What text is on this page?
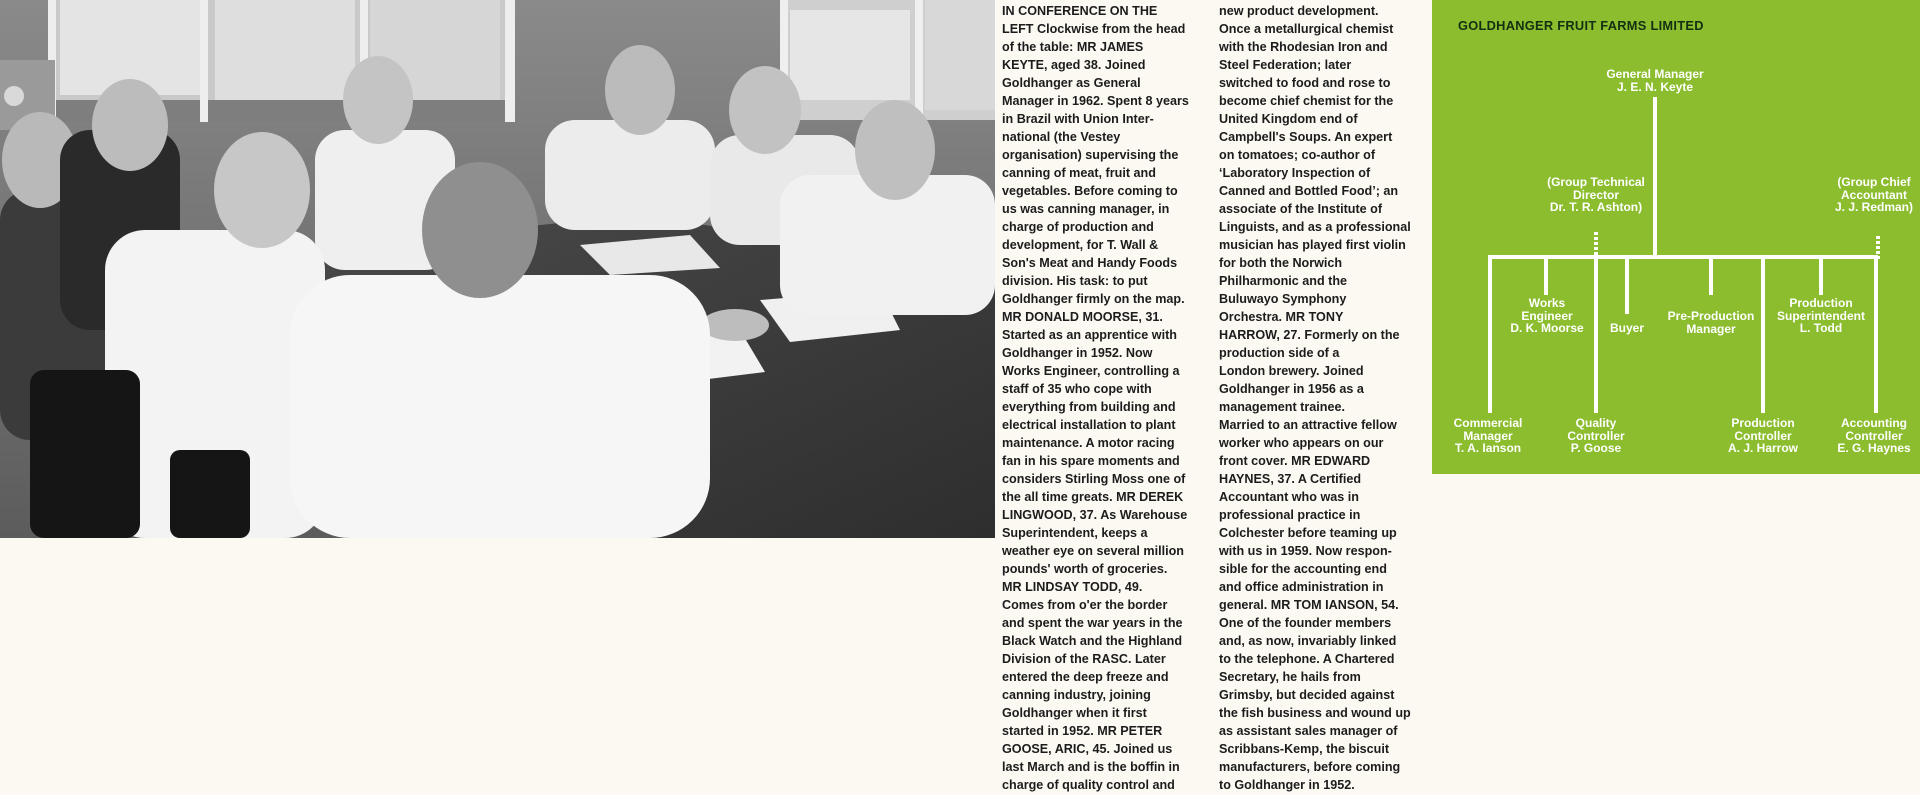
IN CONFERENCE ON THE
LEFT Clockwise from the head
of the table: MR JAMES
KEYTE, aged 38. Joined
Goldhanger as General
Manager in 1962. Spent 8 years
in Brazil with Union Inter-
national (the Vestey
organisation) supervising the
canning of meat, fruit and
vegetables. Before coming to
us was canning manager, in
charge of production and
development, for T. Wall &
Son's Meat and Handy Foods
division. His task: to put
Goldhanger firmly on the map.
MR DONALD MOORSE, 31.
Started as an apprentice with
Goldhanger in 1952. Now
Works Engineer, controlling a
staff of 35 who cope with
everything from building and
electrical installation to plant
maintenance. A motor racing
fan in his spare moments and
considers Stirling Moss one of
the all time greats. MR DEREK
LINGWOOD, 37. As Warehouse
Superintendent, keeps a
weather eye on several million
pounds' worth of groceries.
MR LINDSAY TODD, 49.
Comes from o'er the border
and spent the war years in the
Black Watch and the Highland
Division of the RASC. Later
entered the deep freeze and
canning industry, joining
Goldhanger when it first
started in 1952. MR PETER
GOOSE, ARIC, 45. Joined us
last March and is the boffin in
charge of quality control and
new product development.
Once a metallurgical chemist
with the Rhodesian Iron and
Steel Federation; later
switched to food and rose to
become chief chemist for the
United Kingdom end of
Campbell's Soups. An expert
on tomatoes; co-author of
‘Laboratory Inspection of
Canned and Bottled Food’; an
associate of the Institute of
Linguists, and as a professional
musician has played first violin
for both the Norwich
Philharmonic and the
Buluwayo Symphony
Orchestra. MR TONY
HARROW, 27. Formerly on the
production side of a
London brewery. Joined
Goldhanger in 1956 as a
management trainee.
Married to an attractive fellow
worker who appears on our
front cover. MR EDWARD
HAYNES, 37. A Certified
Accountant who was in
professional practice in
Colchester before teaming up
with us in 1959. Now respon-
sible for the accounting end
and office administration in
general. MR TOM IANSON, 54.
One of the founder members
and, as now, invariably linked
to the telephone. A Chartered
Secretary, he hails from
Grimsby, but decided against
the fish business and wound up
as assistant sales manager of
Scribbans-Kemp, the biscuit
manufacturers, before coming
to Goldhanger in 1952.
GOLDHANGER FRUIT FARMS LIMITED
General Manager
J. E. N. Keyte
(Group Technical
Director
Dr. T. R. Ashton)
(Group Chief
Accountant
J. J. Redman)
Works
Engineer
D. K. Moorse	Buyer
Pre-Production
Manager
Production
Superintendent
L. Todd
Commercial
Manager
T. A. Ianson
Quality
Controller
P. Goose
Production
Controller
A. J. Harrow
Accounting
Controller
E. G. Haynes
